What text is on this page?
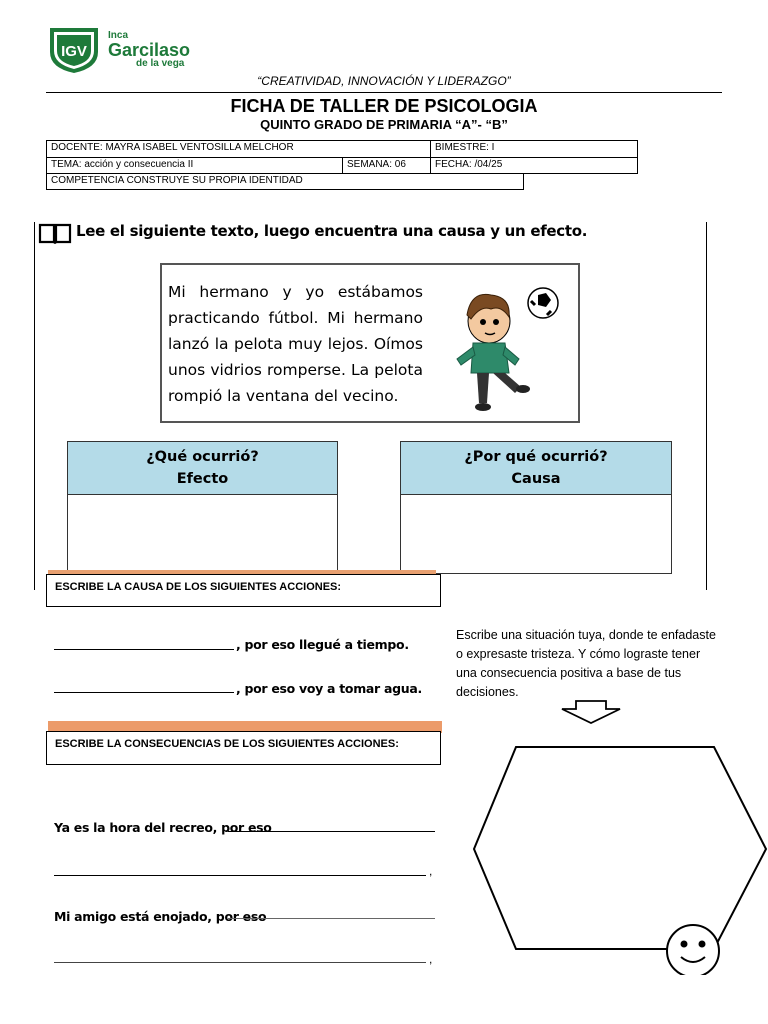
IGV
Inca
Garcilaso
de la vega
“CREATIVIDAD, INNOVACIÓN Y LIDERAZGO”
FICHA DE TALLER DE PSICOLOGIA
QUINTO GRADO DE PRIMARIA “A”- “B”
DOCENTE: MAYRA ISABEL VENTOSILLA MELCHOR	BIMESTRE: I
TEMA: acción y consecuencia II	SEMANA: 06	FECHA: /04/25
COMPETENCIA CONSTRUYE SU PROPIA IDENTIDAD
Lee el siguiente texto, luego encuentra una causa y un efecto.
Mi hermano y yo estábamos practicando fútbol. Mi hermano lanzó la pelota muy lejos. Oímos unos vidrios romperse. La pelota rompió la ventana del vecino.
¿Qué ocurrió?
Efecto
¿Por qué ocurrió?
Causa
ESCRIBE LA CAUSA DE LOS SIGUIENTES ACCIONES:
, por eso llegué a tiempo.
, por eso voy a tomar agua.
Escribe una situación tuya, donde te enfadaste o expresaste tristeza. Y cómo lograste tener una consecuencia positiva a base de tus decisiones.
ESCRIBE LA CONSECUENCIAS DE LOS SIGUIENTES ACCIONES:
Ya es la hora del recreo, por eso
,
Mi amigo está enojado, por eso
,
